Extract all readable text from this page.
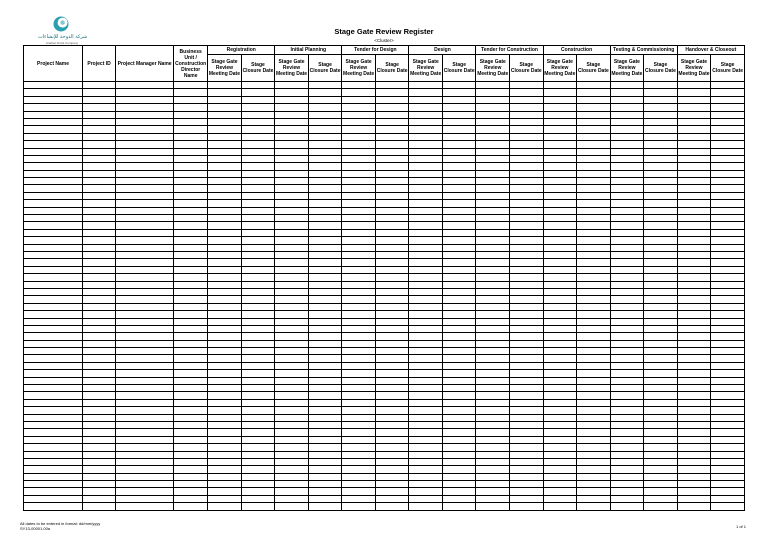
شركة الدوحة للإنشاءات
Arabian Doha Company
Stage Gate Review Register
<Cluster>
Project Name	Project ID	Project Manager Name	Business Unit / Construction Director Name	Registration		Initial Planning		Tender for Design		Design		Tender for Construction		Construction		Testing & Commissioning		Handover & Closeout	
				Stage Gate Review Meeting Date	Stage Closure Date	Stage Gate Review Meeting Date	Stage Closure Date	Stage Gate Review Meeting Date	Stage Closure Date	Stage Gate Review Meeting Date	Stage Closure Date	Stage Gate Review Meeting Date	Stage Closure Date	Stage Gate Review Meeting Date	Stage Closure Date	Stage Gate Review Meeting Date	Stage Closure Date	Stage Gate Review Meeting Date	Stage Closure Date

All dates to be entered in format: dd/mm/yyyy
SY13-00001.00a	1 of 1
